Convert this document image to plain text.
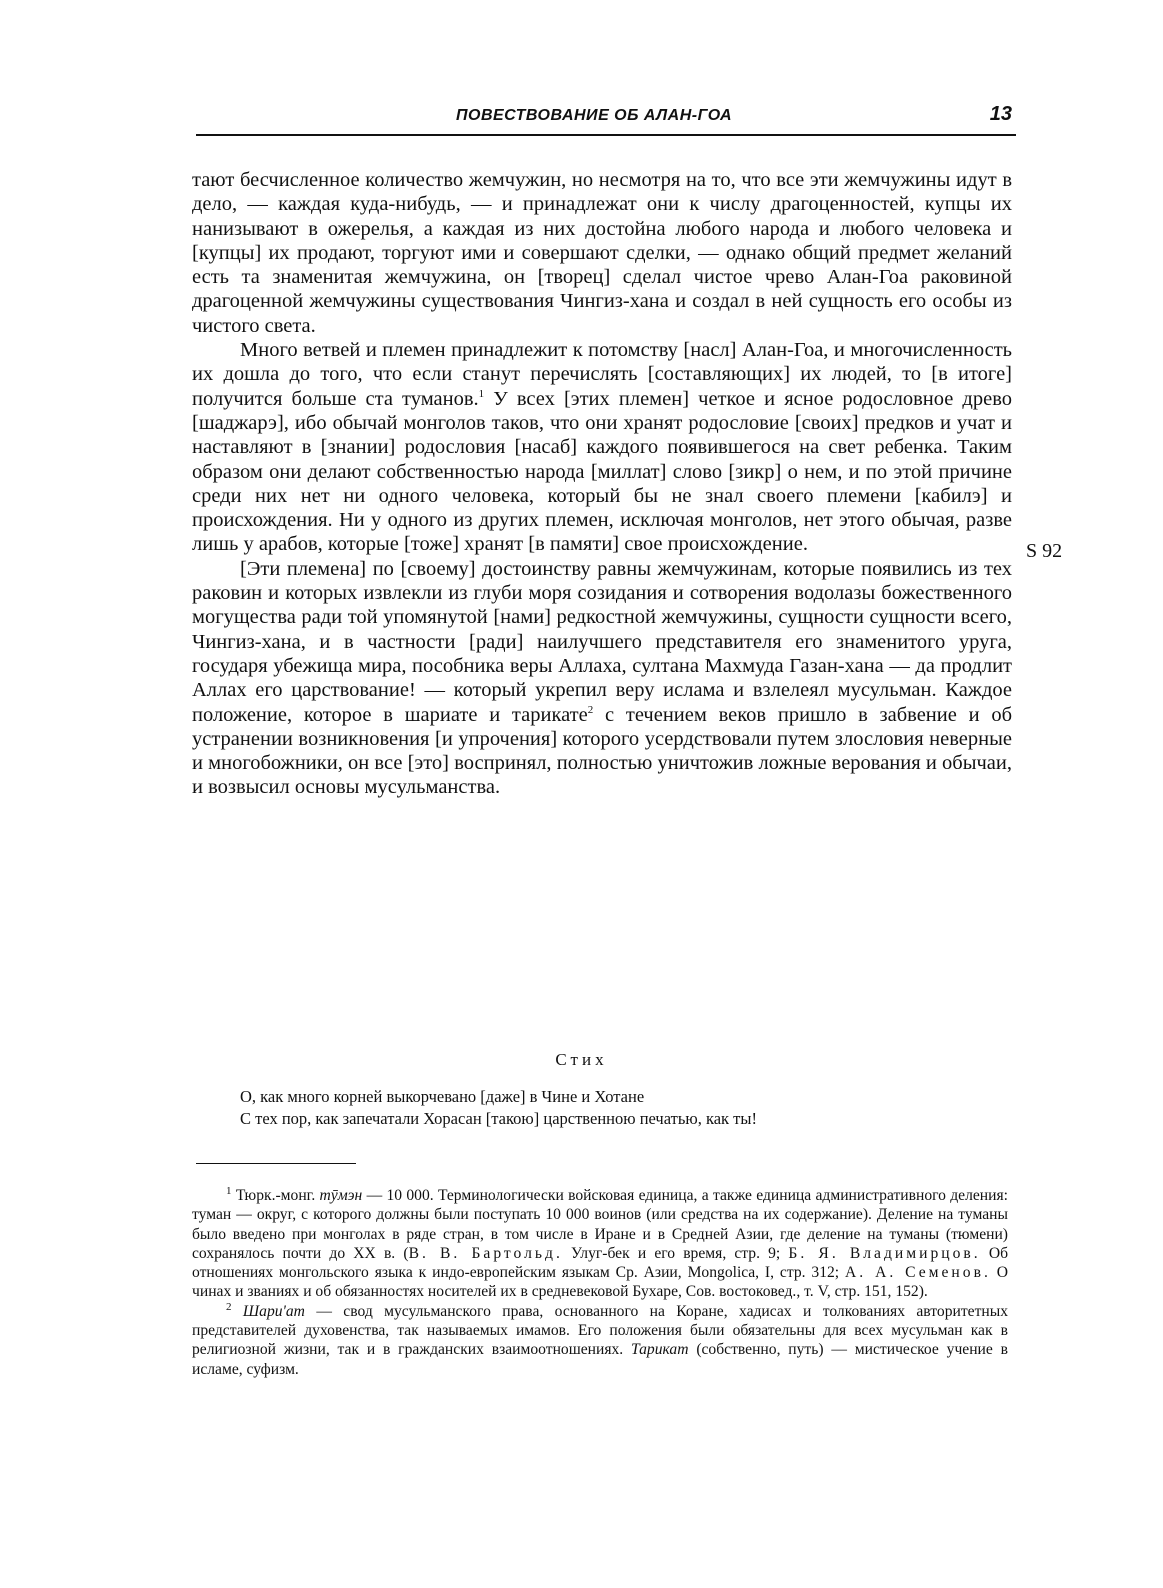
ПОВЕСТВОВАНИЕ ОБ АЛАН-ГОА	13

тают бесчисленное количество жемчужин, но несмотря на то, что все эти жемчужины идут в дело, — каждая куда-нибудь, — и принадлежат они к числу драгоценностей, купцы их нанизывают в ожерелья, а каждая из них достойна любого народа и любого человека и [купцы] их продают, торгуют ими и совершают сделки, — однако общий предмет желаний есть та знаменитая жемчужина, он [творец] сделал чистое чрево Алан-Гоа раковиной драгоценной жемчужины существования Чингиз-хана и создал в ней сущность его особы из чистого света.

Много ветвей и племен принадлежит к потомству [насл] Алан-Гоа, и многочисленность их дошла до того, что если станут перечислять [составляющих] их людей, то [в итоге] получится больше ста туманов.$^1$ У всех [этих племен] четкое и ясное родословное древо [шаджарэ], ибо обычай монголов таков, что они хранят родословие [своих] предков и учат и наставляют в [знании] родословия [насаб] каждого появившегося на свет ребенка. Таким образом они делают собственностью народа [миллат] слово [зикр] о нем, и по этой причине среди них нет ни одного человека, который бы не знал своего племени [кабилэ] и происхождения. Ни у одного из других племен, исключая монголов, нет этого обычая, разве лишь у арабов, которые [тоже] хранят [в памяти] свое происхождение.

[Эти племена] по [своему] достоинству равны жемчужинам, которые появились из тех раковин и которых извлекли из глуби моря созидания и сотворения водолазы божественного могущества ради той упомянутой [нами] редкостной жемчужины, сущности сущности всего, Чингиз-хана, и в частности [ради] наилучшего представителя его знаменитого уруга, государя убежища мира, пособника веры Аллаха, султана Махмуда Газан-хана — да продлит Аллах его царствование! — который укрепил веру ислама и взлелеял мусульман. Каждое положение, которое в шариате и тарикате$^2$ с течением веков пришло в забвение и об устранении возникновения [и упрочения] которого усердствовали путем злословия неверные и многобожники, он все [это] воспринял, полностью уничтожив ложные верования и обычаи, и возвысил основы мусульманства.

S 92
Стих
О, как много корней выкорчевано [даже] в Чине и Хотане
С тех пор, как запечатали Хорасан [такою] царственною печатью, как ты!

$^1$ Тюрк.-монг. тӯмэн — 10 000. Терминологически войсковая единица, а также единица административного деления: туман — округ, с которого должны были поступать 10 000 воинов (или средства на их содержание). Деление на туманы было введено при монголах в ряде стран, в том числе в Иране и в Средней Азии, где деление на туманы (тюмени) сохранялось почти до XX в. (В. В. Бартольд. Улуг-бек и его время, стр. 9; Б. Я. Владимирцов. Об отношениях монгольского языка к индо-европейским языкам Ср. Азии, Mongolica, I, стр. 312; А. А. Семенов. О чинах и званиях и об обязанностях носителей их в средневековой Бухаре, Сов. востоковед., т. V, стр. 151, 152).

$^2$ Шари'ат — свод мусульманского права, основанного на Коране, хадисах и толкованиях авторитетных представителей духовенства, так называемых имамов. Его положения были обязательны для всех мусульман как в религиозной жизни, так и в гражданских взаимоотношениях. Тарикат (собственно, путь) — мистическое учение в исламе, суфизм.
